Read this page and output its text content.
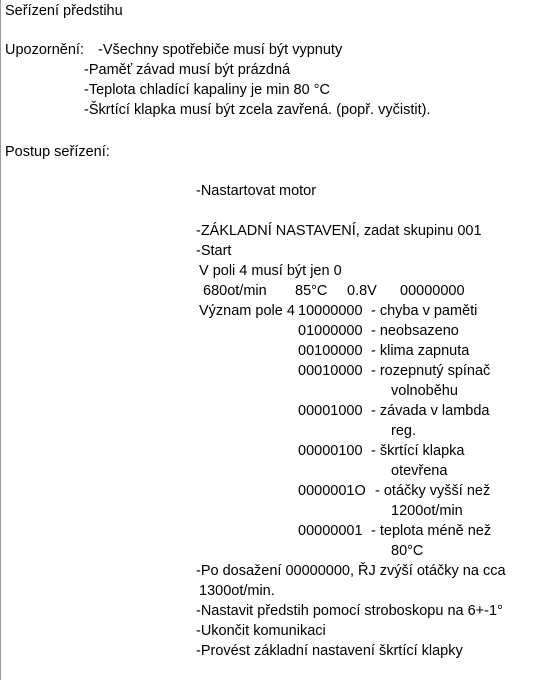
Seřízení předstihu
Upozornění: -Všechny spotřebiče musí být vypnuty
-Paměť závad musí být prázdná
-Teplota chladící kapaliny je min 80 °C
-Škrtící klapka musí být zcela zavřená. (popř. vyčistit).
Postup seřízení:
-Nastartovat motor
-ZÁKLADNÍ NASTAVENÍ, zadat skupinu 001
-Start
V poli 4 musí být jen 0
680ot/min 85°C 0.8V 00000000
Význam pole 4 10000000 - chyba v paměti
01000000 - neobsazeno
00100000 - klima zapnuta
00010000 - rozepnutý spínač
volnoběhu
00001000 - závada v lambda
reg.
00000100 - škrtící klapka
otevřena
0000001O - otáčky vyšší než
1200ot/min
00000001 - teplota méně než
80°C
-Po dosažení 00000000, ŘJ zvýší otáčky na cca
1300ot/min.
-Nastavit předstih pomocí stroboskopu na 6+-1°
-Ukončit komunikaci
-Provést základní nastavení škrtící klapky
